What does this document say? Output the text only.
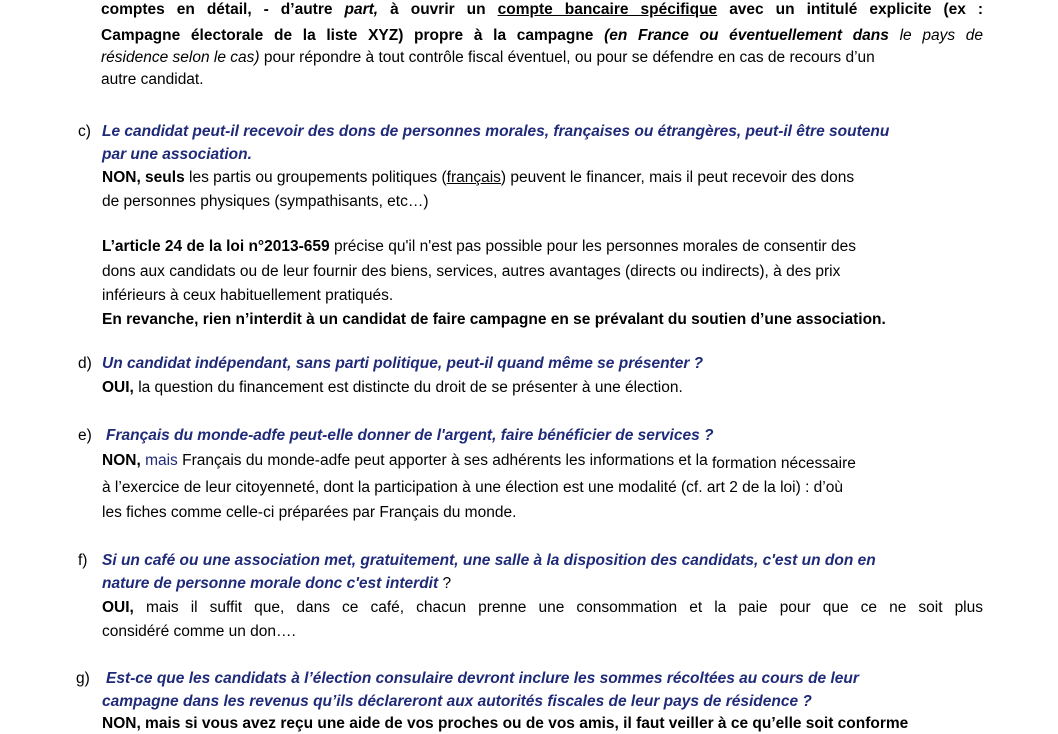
comptes en détail, - d’autre part, à ouvrir un compte bancaire spécifique avec un intitulé explicite (ex :
Campagne électorale de la liste XYZ) propre à la campagne (en France ou éventuellement dans le pays de
résidence selon le cas) pour répondre à tout contrôle fiscal éventuel, ou pour se défendre en cas de recours d’un
autre candidat.
c) Le candidat peut-il recevoir des dons de personnes morales, françaises ou étrangères, peut-il être soutenu
par une association.
NON, seuls les partis ou groupements politiques (français) peuvent le financer, mais il peut recevoir des dons
de personnes physiques (sympathisants, etc…)
L’article 24 de la loi n°2013-659 précise qu'il n'est pas possible pour les personnes morales de consentir des
dons aux candidats ou de leur fournir des biens, services, autres avantages (directs ou indirects), à des prix
inférieurs à ceux habituellement pratiqués.
En revanche, rien n’interdit à un candidat de faire campagne en se prévalant du soutien d’une association.
d) Un candidat indépendant, sans parti politique, peut-il quand même se présenter ?
OUI, la question du financement est distincte du droit de se présenter à une élection.
e) Français du monde-adfe peut-elle donner de l'argent, faire bénéficier de services ?
NON, mais Français du monde-adfe peut apporter à ses adhérents les informations et la formation nécessaire
à l’exercice de leur citoyenneté, dont la participation à une élection est une modalité (cf. art 2 de la loi) : d’où
les fiches comme celle-ci préparées par Français du monde.
f) Si un café ou une association met, gratuitement, une salle à la disposition des candidats, c'est un don en
nature de personne morale donc c'est interdit ?
OUI, mais il suffit que, dans ce café, chacun prenne une consommation et la paie pour que ce ne soit plus
considéré comme un don….
g) Est-ce que les candidats à l’élection consulaire devront inclure les sommes récoltées au cours de leur
campagne dans les revenus qu’ils déclareront aux autorités fiscales de leur pays de résidence ?
NON, mais si vous avez reçu une aide de vos proches ou de vos amis, il faut veiller à ce qu’elle soit conforme
